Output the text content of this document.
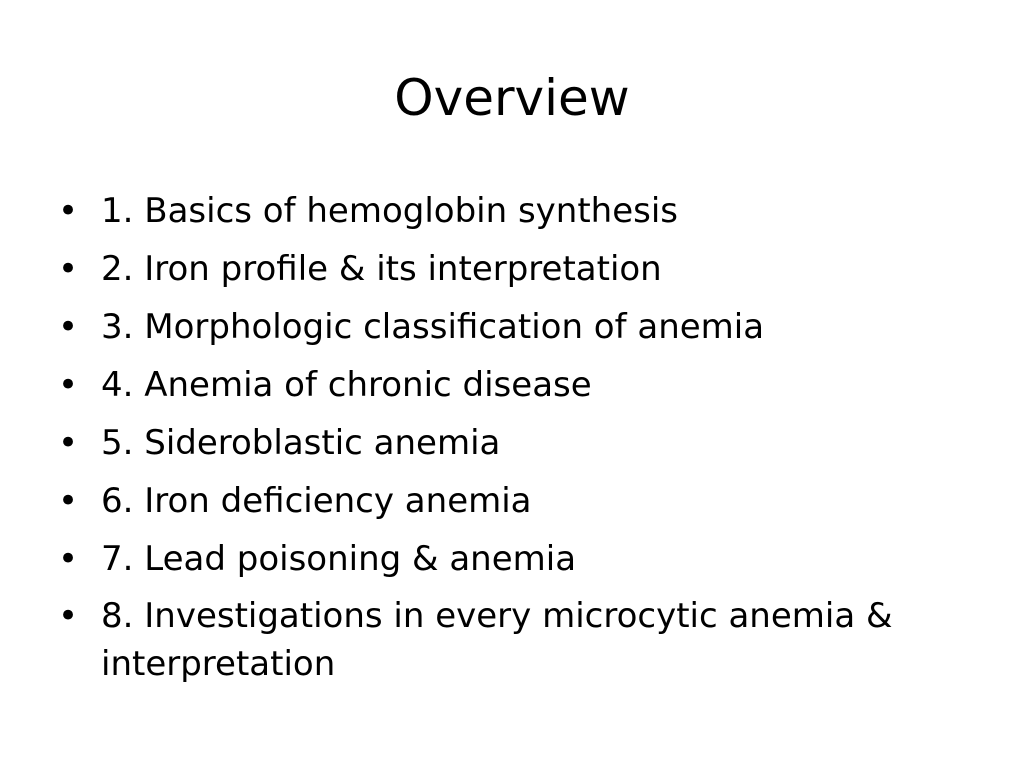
Overview
• 1. Basics of hemoglobin synthesis
• 2. Iron profile & its interpretation
• 3. Morphologic classification of anemia
• 4. Anemia of chronic disease
• 5. Sideroblastic anemia
• 6. Iron deficiency anemia
• 7. Lead poisoning & anemia
• 8. Investigations in every microcytic anemia & interpretation
